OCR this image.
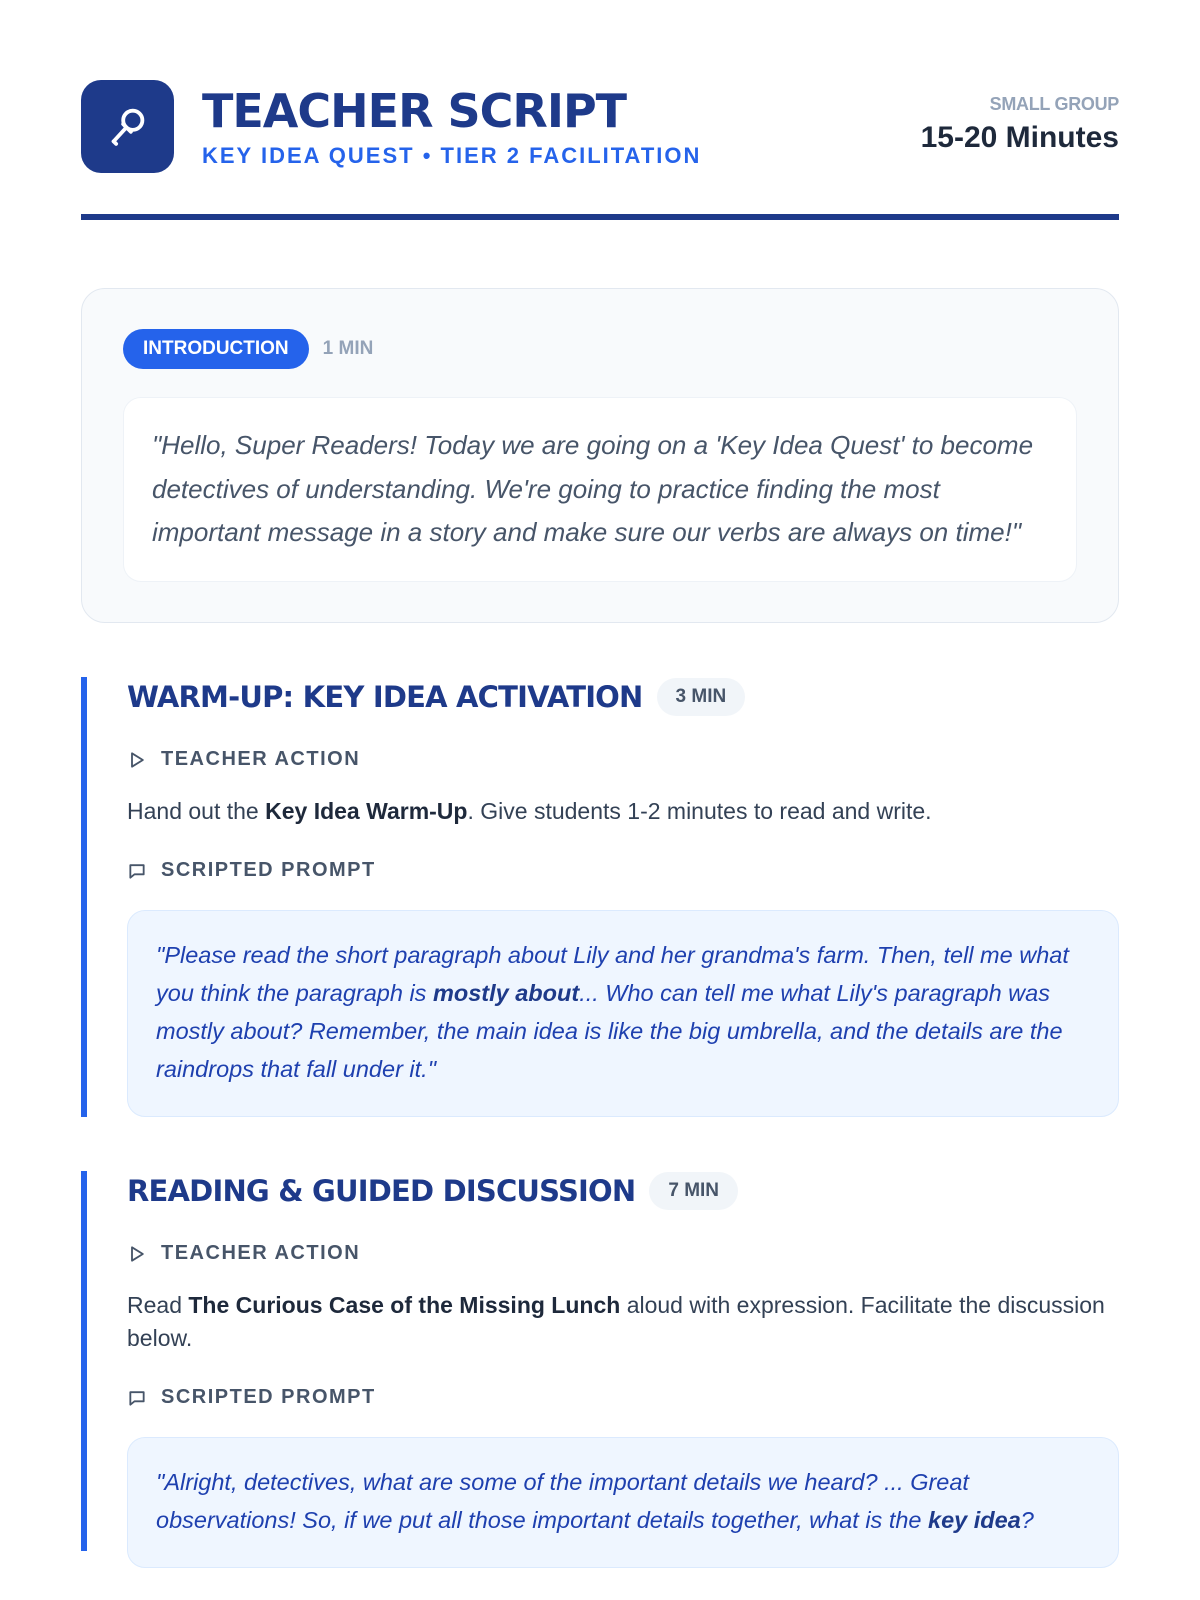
TEACHER SCRIPT
KEY IDEA QUEST • TIER 2 FACILITATION
SMALL GROUP
15-20 Minutes
INTRODUCTION	1 MIN
"Hello, Super Readers! Today we are going on a 'Key Idea Quest' to become detectives of understanding. We're going to practice finding the most important message in a story and make sure our verbs are always on time!"
WARM-UP: KEY IDEA ACTIVATION	3 MIN
TEACHER ACTION

Hand out the Key Idea Warm-Up. Give students 1-2 minutes to read and write.

SCRIPTED PROMPT
"Please read the short paragraph about Lily and her grandma's farm. Then, tell me what you think the paragraph is mostly about... Who can tell me what Lily's paragraph was mostly about? Remember, the main idea is like the big umbrella, and the details are the raindrops that fall under it."
READING & GUIDED DISCUSSION	7 MIN
TEACHER ACTION

Read The Curious Case of the Missing Lunch aloud with expression. Facilitate the discussion below.

SCRIPTED PROMPT
"Alright, detectives, what are some of the important details we heard? ... Great observations! So, if we put all those important details together, what is the key idea?
